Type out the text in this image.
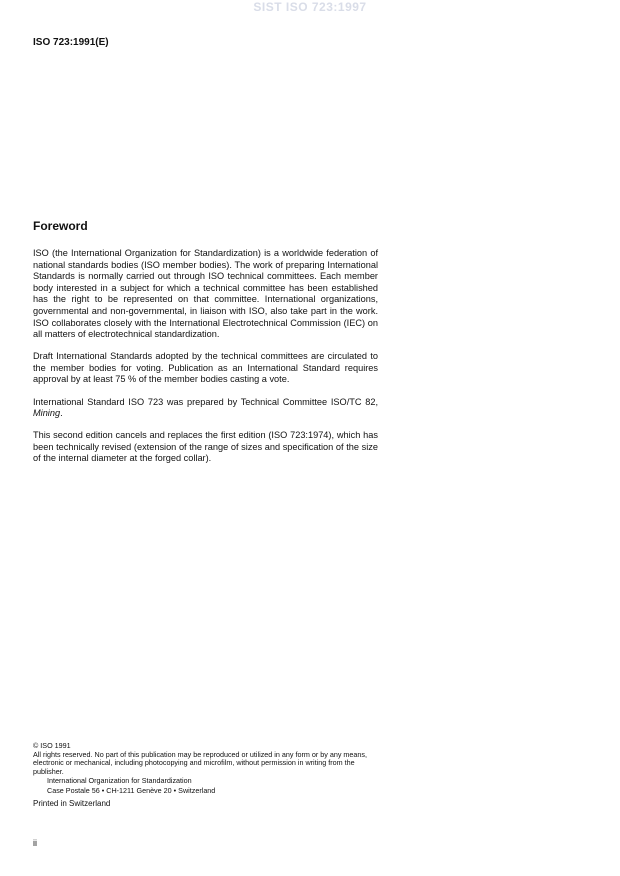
SIST ISO 723:1997
ISO 723:1991(E)
Foreword

ISO (the International Organization for Standardization) is a worldwide federation of national standards bodies (ISO member bodies). The work of preparing International Standards is normally carried out through ISO technical committees. Each member body interested in a subject for which a technical committee has been established has the right to be represented on that committee. International organizations, governmental and non-governmental, in liaison with ISO, also take part in the work. ISO collaborates closely with the International Electrotechnical Commission (IEC) on all matters of electrotechnical standardization.

Draft International Standards adopted by the technical committees are circulated to the member bodies for voting. Publication as an International Standard requires approval by at least 75 % of the member bodies casting a vote.

International Standard ISO 723 was prepared by Technical Committee ISO/TC 82, Mining.

This second edition cancels and replaces the first edition (ISO 723:1974), which has been technically revised (extension of the range of sizes and specification of the size of the internal diameter at the forged collar).

© ISO 1991
All rights reserved. No part of this publication may be reproduced or utilized in any form or by any means, electronic or mechanical, including photocopying and microfilm, without permission in writing from the publisher.
International Organization for Standardization
Case Postale 56 • CH-1211 Genève 20 • Switzerland
Printed in Switzerland
ii
